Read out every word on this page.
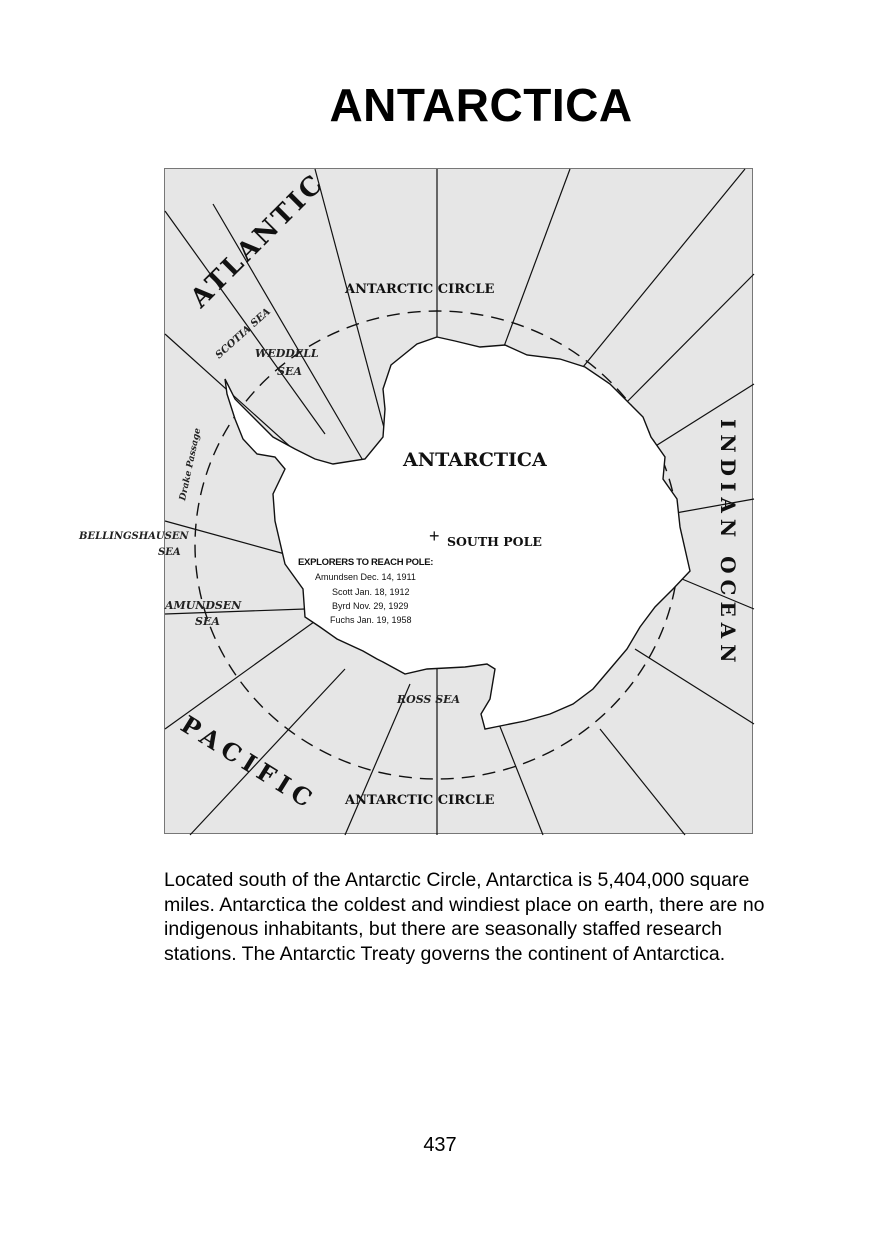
ANTARCTICA
ATLANTIC
INDIAN OCEAN
PACIFIC
ANTARCTIC CIRCLE
ANTARCTIC CIRCLE
SCOTIA SEA
WEDDELL
SEA
ROSS SEA
AMUNDSEN
SEA
BELLINGSHAUSEN
SEA
Drake Passage	ANTARCTICA
+ SOUTH POLE
EXPLORERS TO REACH POLE:
Amundsen Dec. 14, 1911
Scott Jan. 18, 1912
Byrd Nov. 29, 1929
Fuchs Jan. 19, 1958

Located south of the Antarctic Circle, Antarctica is 5,404,000 square miles. Antarctica the coldest and windiest place on earth, there are no indigenous inhabitants, but there are seasonally staffed research stations. The Antarctic Treaty governs the continent of Antarctica.

437
